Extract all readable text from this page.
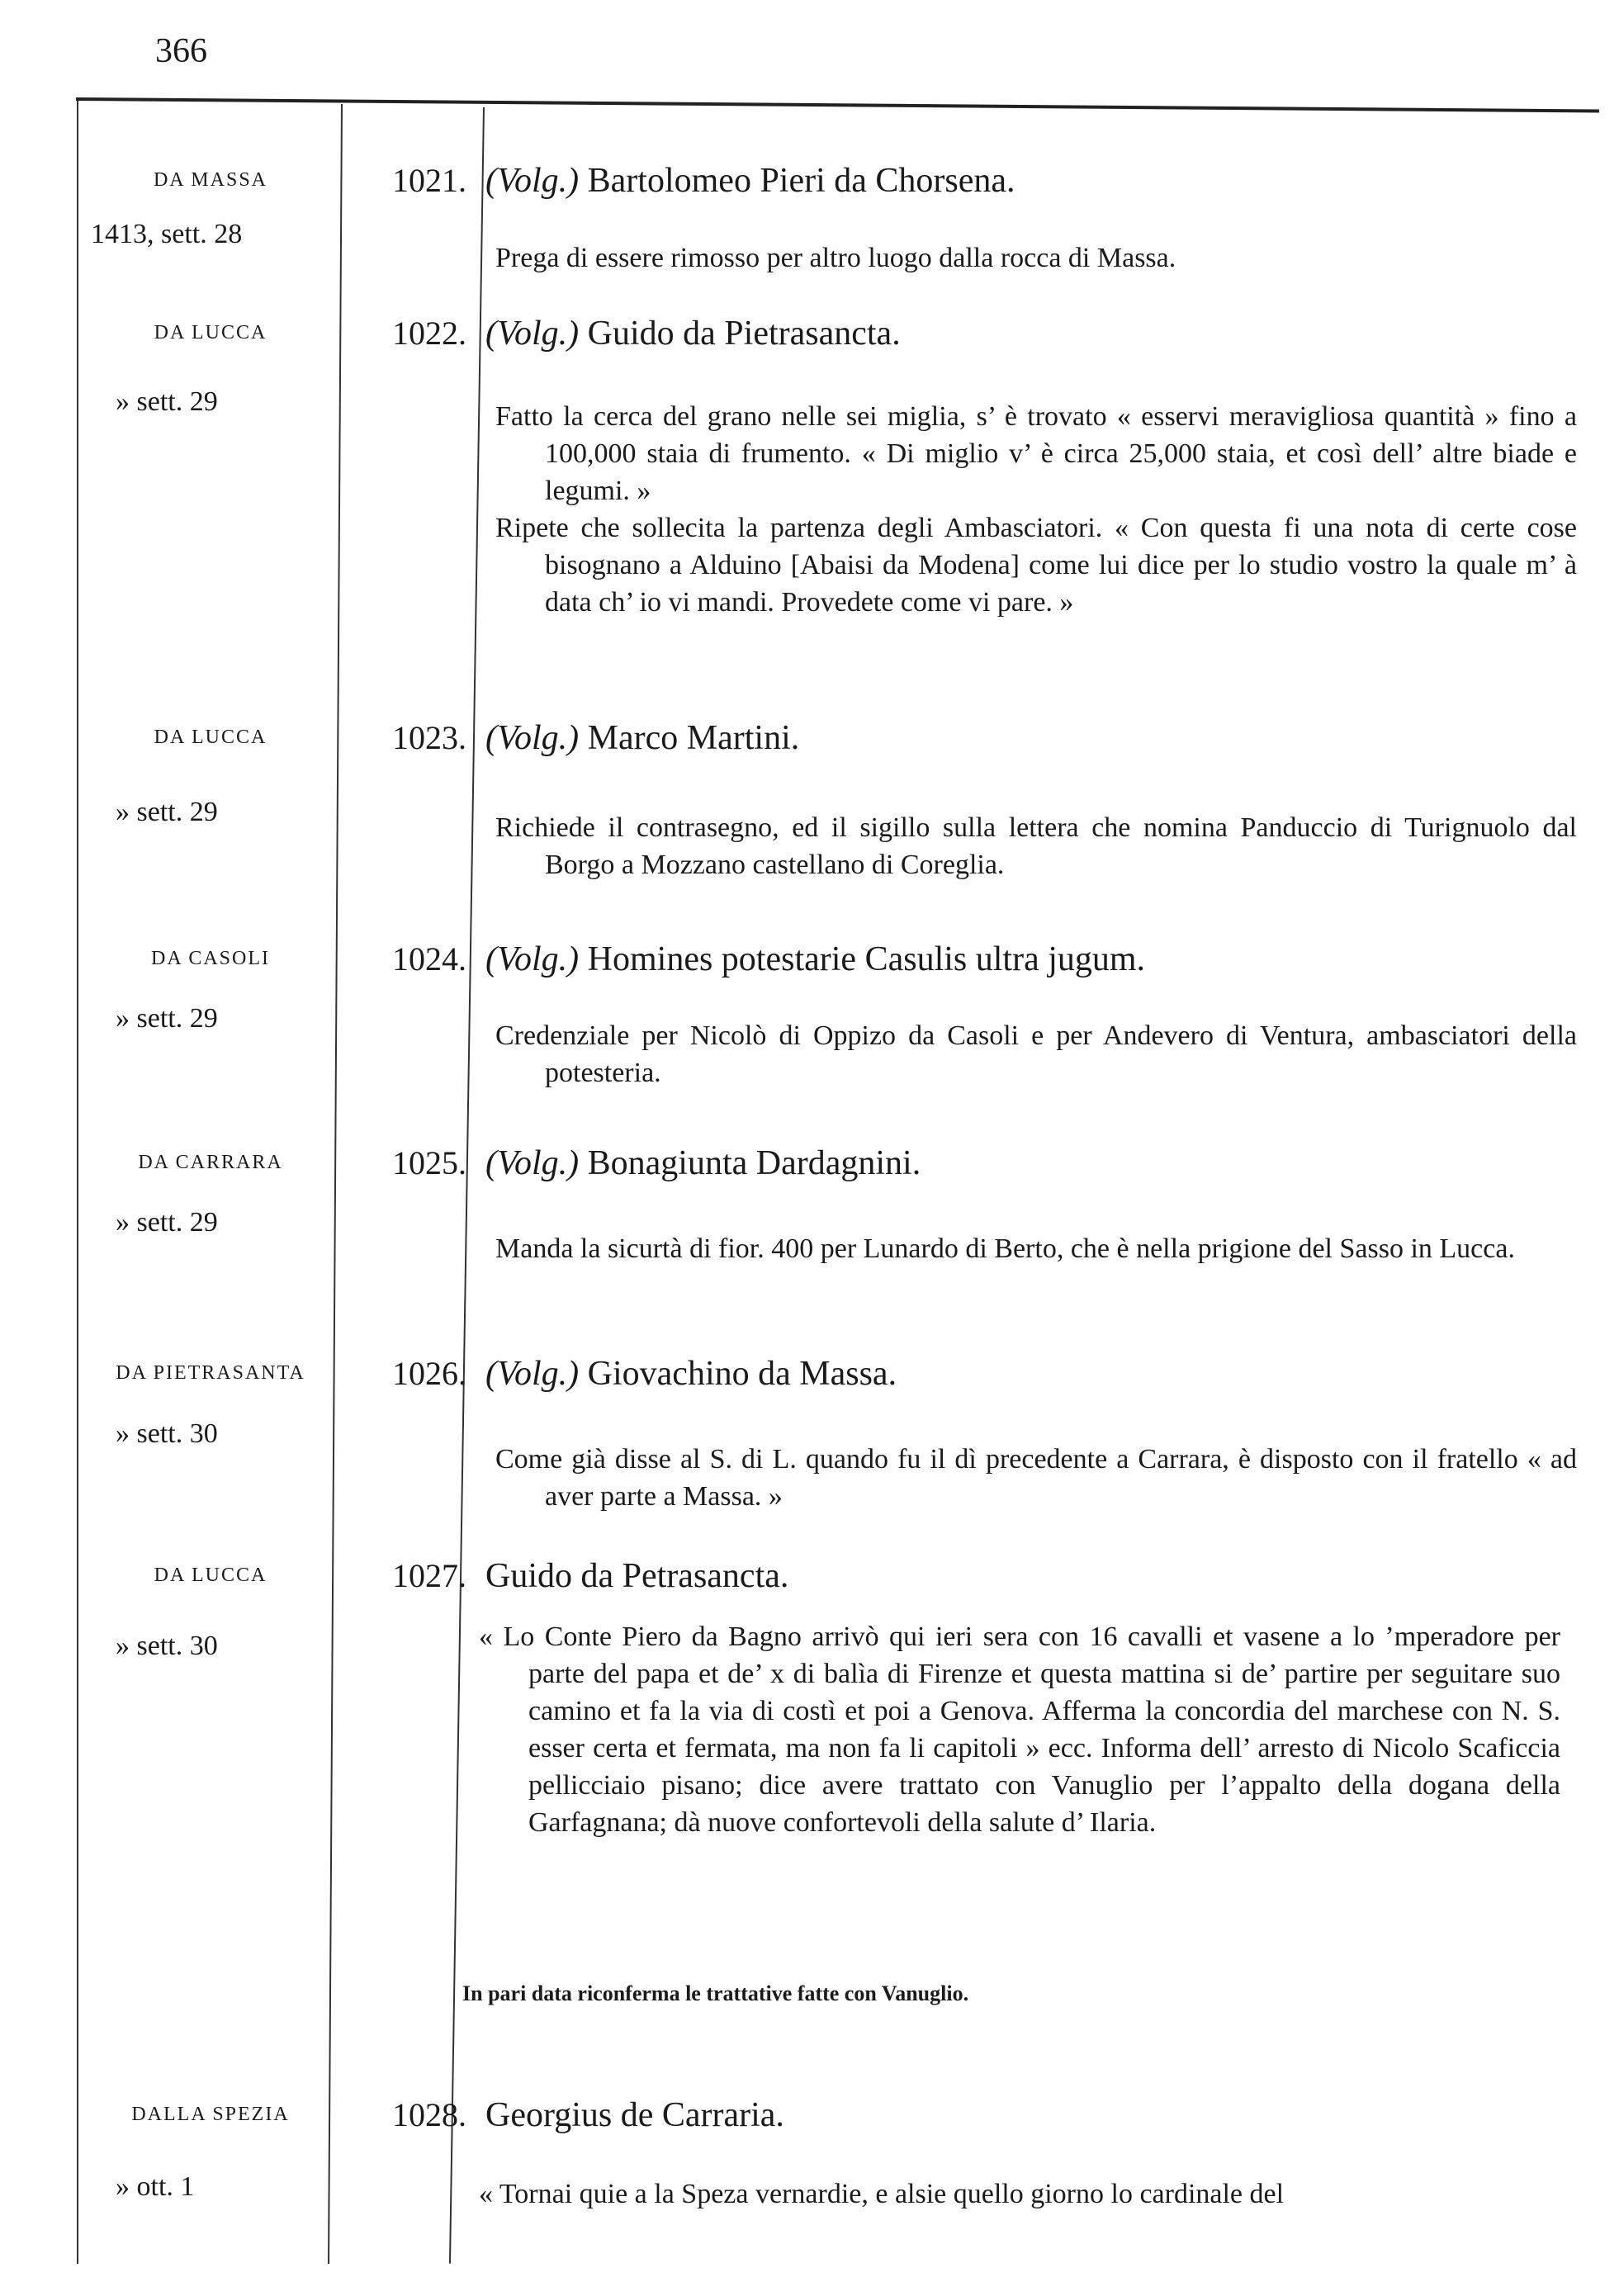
366
DA MASSA
1413, sett. 28
1021. (Volg.) Bartolomeo Pieri da Chorsena.

Prega di essere rimosso per altro luogo dalla rocca di Massa.

DA LUCCA
» sett. 29
1022. (Volg.) Guido da Pietrasancta.

Fatto la cerca del grano nelle sei miglia, s’ è trovato « esservi meravigliosa quantità » fino a 100,000 staia di frumento. « Di miglio v’ è circa 25,000 staia, et così dell’ altre biade e legumi. »

Ripete che sollecita la partenza degli Ambasciatori. « Con questa fi una nota di certe cose bisognano a Alduino [Abaisi da Modena] come lui dice per lo studio vostro la quale m’ à data ch’ io vi mandi. Provedete come vi pare. »

DA LUCCA
» sett. 29
1023. (Volg.) Marco Martini.

Richiede il contrasegno, ed il sigillo sulla lettera che nomina Panduccio di Turignuolo dal Borgo a Mozzano castellano di Coreglia.

DA CASOLI
» sett. 29
1024. (Volg.) Homines potestarie Casulis ultra jugum.

Credenziale per Nicolò di Oppizo da Casoli e per Andevero di Ventura, ambasciatori della potesteria.

DA CARRARA
» sett. 29
1025. (Volg.) Bonagiunta Dardagnini.

Manda la sicurtà di fior. 400 per Lunardo di Berto, che è nella prigione del Sasso in Lucca.

DA PIETRASANTA
» sett. 30
1026. (Volg.) Giovachino da Massa.

Come già disse al S. di L. quando fu il dì precedente a Carrara, è disposto con il fratello « ad aver parte a Massa. »

DA LUCCA
» sett. 30
1027. Guido da Petrasancta.

« Lo Conte Piero da Bagno arrivò qui ieri sera con 16 cavalli et vasene a lo ’mperadore per parte del papa et de’ x di balìa di Firenze et questa mattina si de’ partire per seguitare suo camino et fa la via di costì et poi a Genova. Afferma la concordia del marchese con N. S. esser certa et fermata, ma non fa li capitoli » ecc. Informa dell’ arresto di Nicolo Scaficcia pellicciaio pisano; dice avere trattato con Vanuglio per l’appalto della dogana della Garfagnana; dà nuove confortevoli della salute d’ Ilaria.

In pari data riconferma le trattative fatte con Vanuglio.
DALLA SPEZIA
» ott. 1
1028. Georgius de Carraria.

« Tornai quie a la Speza vernardie, e alsie quello giorno lo cardinale del
